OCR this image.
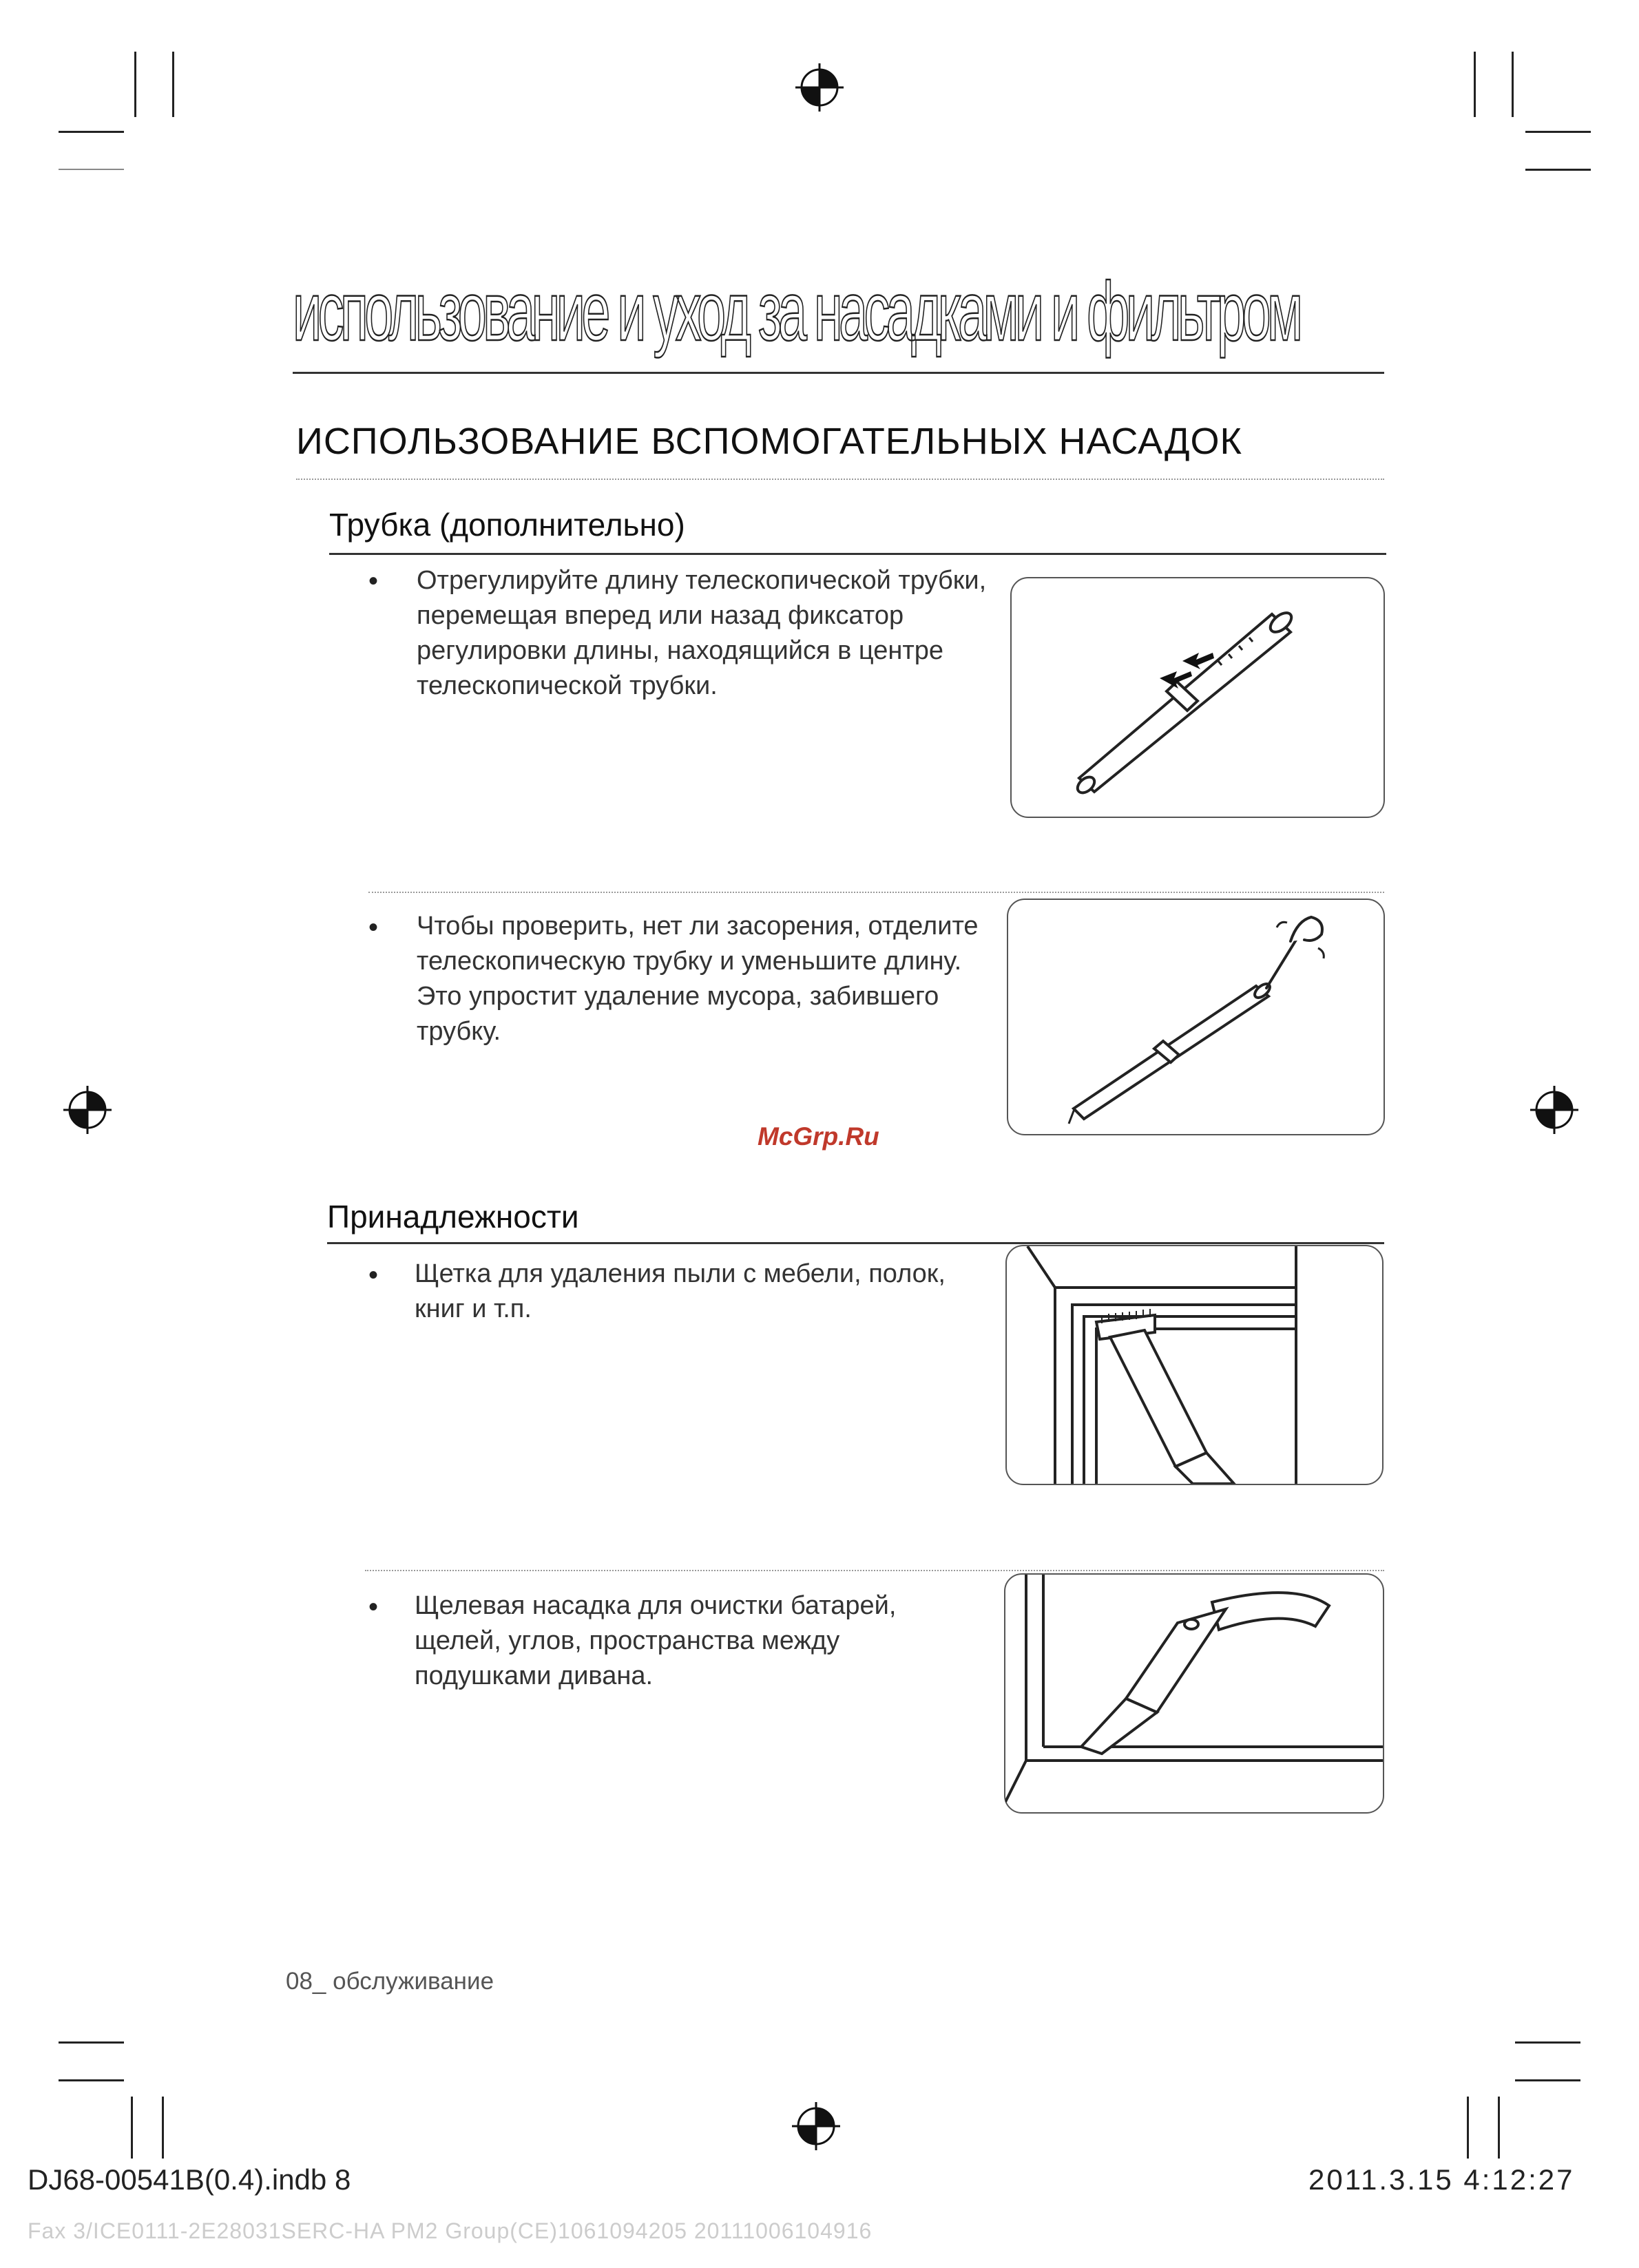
использование и уход за насадками и фильтром
ИСПОЛЬЗОВАНИЕ ВСПОМОГАТЕЛЬНЫХ НАСАДОК
Трубка (дополнительно)
• Отрегулируйте длину телескопической трубки, перемещая вперед или назад фиксатор регулировки длины, находящийся в центре телескопической трубки.
• Чтобы проверить, нет ли засорения, отделите телескопическую трубку и уменьшите длину. Это упростит удаление мусора, забившего трубку.
McGrp.Ru
Принадлежности
• Щетка для удаления пыли с мебели, полок, книг и т.п.
• Щелевая насадка для очистки батарей, щелей, углов, пространства между подушками дивана.
08_ обслуживание
DJ68-00541B(0.4).indb 8	2011.3.15 4:12:27
Fax 3/ICE0111-2E28031SERC-HA PM2 Group(CE)1061094205 20111006104916
